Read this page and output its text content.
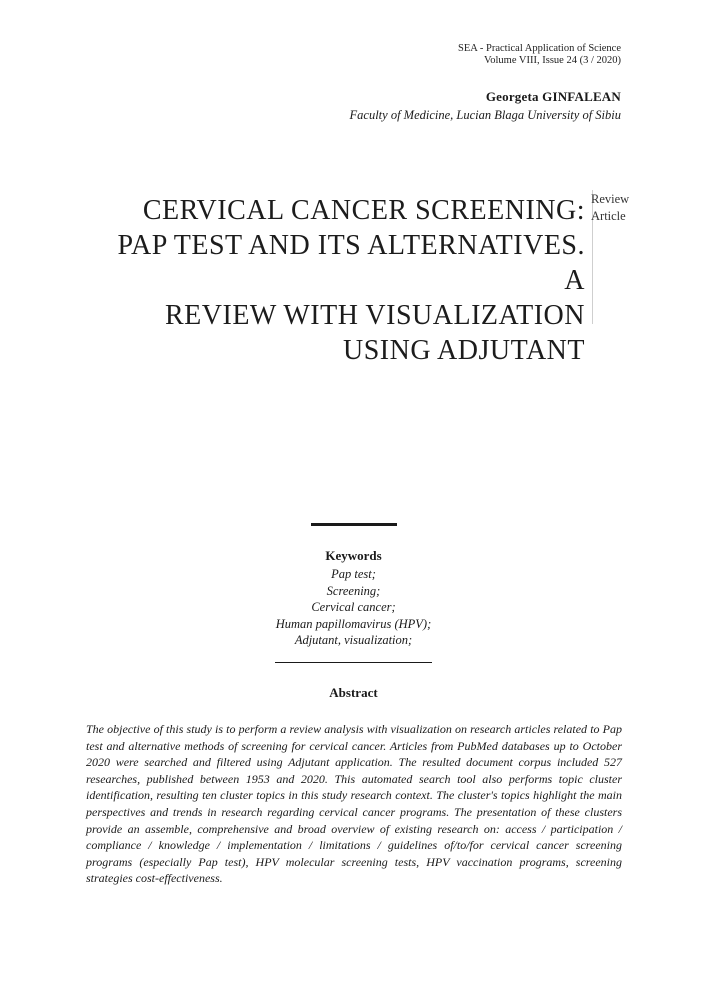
SEA - Practical Application of Science
Volume VIII, Issue 24 (3 / 2020)
Georgeta GINFALEAN
Faculty of Medicine, Lucian Blaga University of Sibiu
CERVICAL CANCER SCREENING:
PAP TEST AND ITS ALTERNATIVES. A
REVIEW WITH VISUALIZATION
USING ADJUTANT
Review
Article
Keywords
Pap test;
Screening;
Cervical cancer;
Human papillomavirus (HPV);
Adjutant, visualization;
Abstract
The objective of this study is to perform a review analysis with visualization on research articles related to Pap test and alternative methods of screening for cervical cancer. Articles from PubMed databases up to October 2020 were searched and filtered using Adjutant application. The resulted document corpus included 527 researches, published between 1953 and 2020. This automated search tool also performs topic cluster identification, resulting ten cluster topics in this study research context. The cluster's topics highlight the main perspectives and trends in research regarding cervical cancer programs. The presentation of these clusters provide an assemble, comprehensive and broad overview of existing research on: access / participation / compliance / knowledge / implementation / limitations / guidelines of/to/for cervical cancer screening programs (especially Pap test), HPV molecular screening tests, HPV vaccination programs, screening strategies cost-effectiveness.
